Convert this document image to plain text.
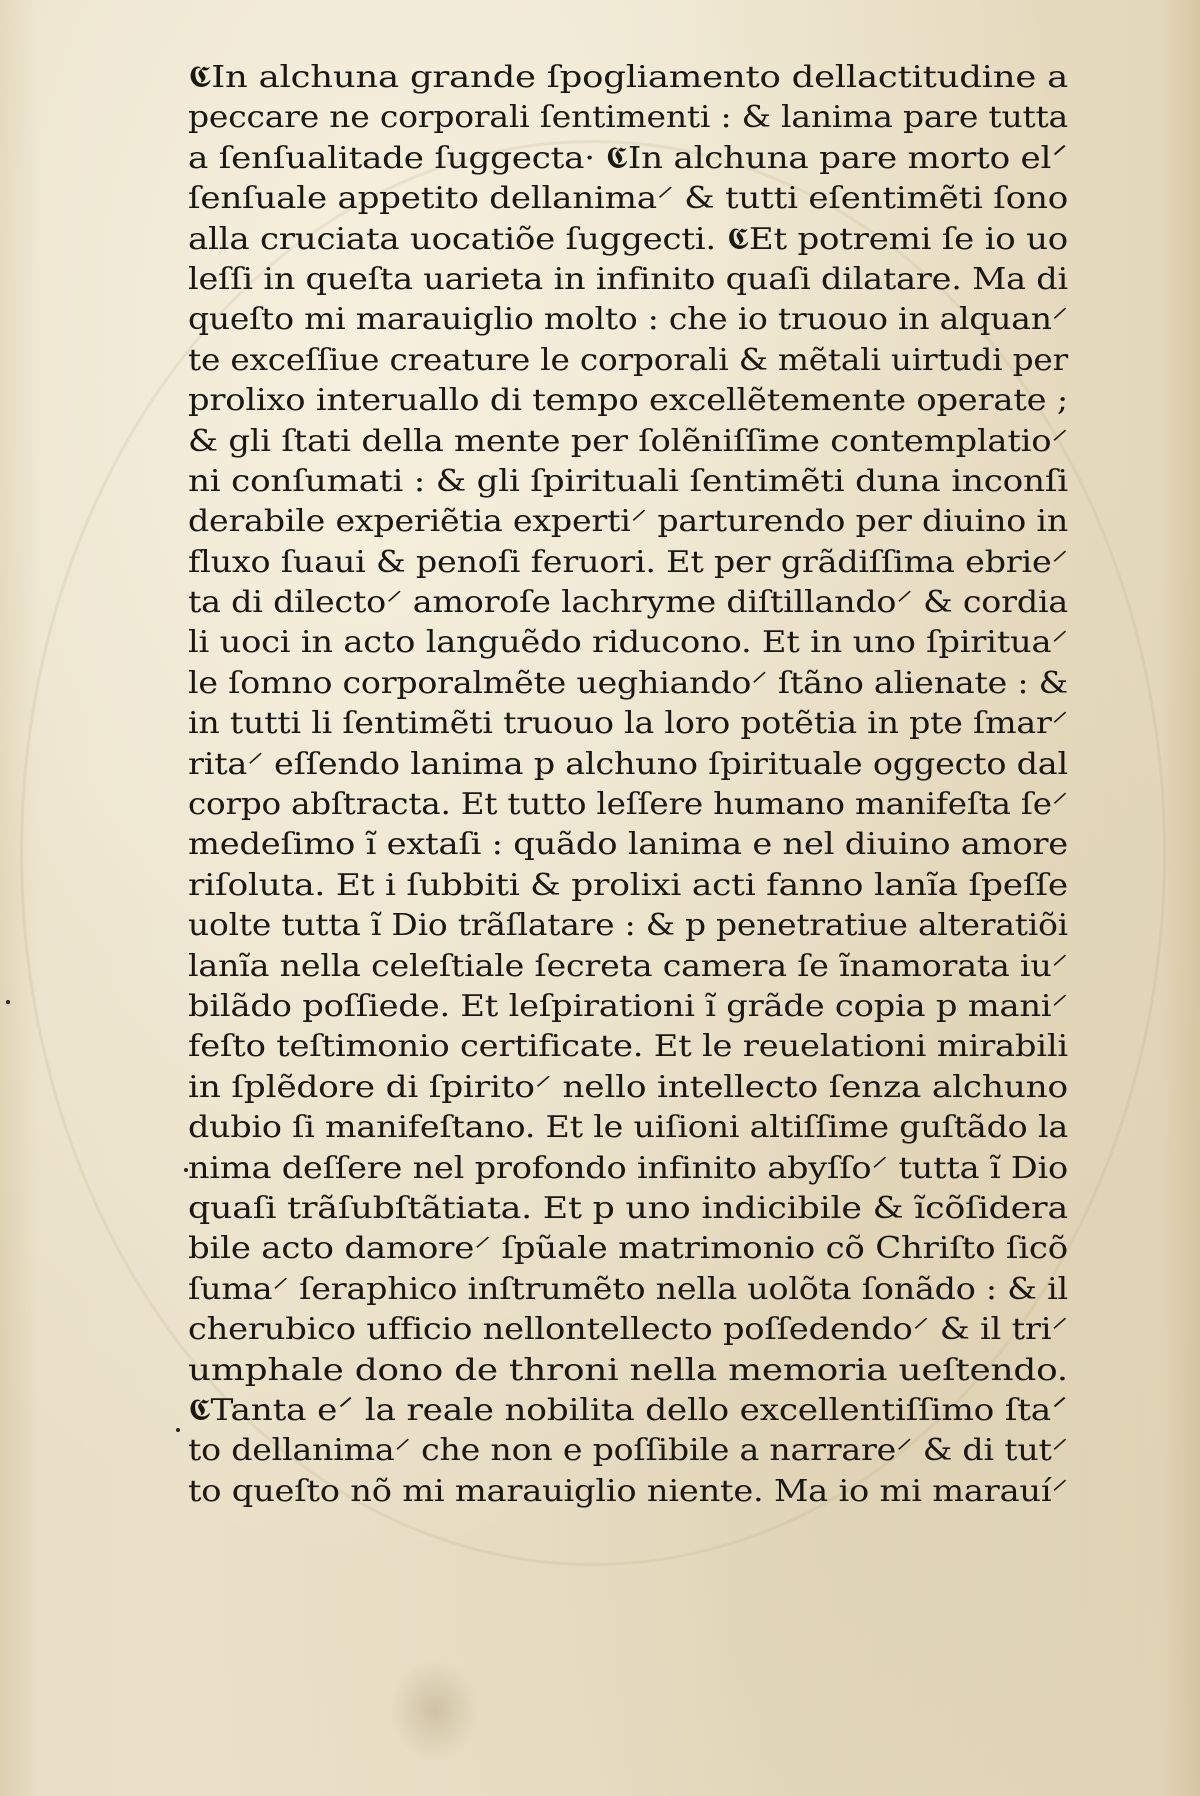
𝕮In alchuna grande ſpogliamento dellactitudine a
peccare ne corporali ſentimenti : & lanima pare tutta
a ſenſualitade ſuggecta· 𝕮In alchuna pare morto el⸍
ſenſuale appetito dellanima⸍ & tutti eſentimẽti ſono
alla cruciata uocatiõe ſuggecti. 𝕮Et potremi ſe io uo
leſſi in queſta uarieta in infinito quaſi dilatare. Ma di
queſto mi marauiglio molto : che io truouo in alquan⸍
te exceſſiue creature le corporali & mẽtali uirtudi per
prolixo interuallo di tempo excellẽtemente operate ;
& gli ſtati della mente per ſolẽniſſime contemplatio⸍
ni conſumati : & gli ſpirituali ſentimẽti duna inconſi
derabile experiẽtia experti⸍ parturendo per diuino in
fluxo ſuaui & penoſi feruori. Et per grãdiſſima ebrie⸍
ta di dilecto⸍ amoroſe lachryme diſtillando⸍ & cordia
li uoci in acto languẽdo riducono. Et in uno ſpiritua⸍
le ſomno corporalmẽte ueghiando⸍ ſtãno alienate : &
in tutti li ſentimẽti truouo la loro potẽtia in pte ſmar⸍
rita⸍ eſſendo lanima p alchuno ſpirituale oggecto dal
corpo abſtracta. Et tutto leſſere humano manifeſta ſe⸍
medeſimo ĩ extaſi : quãdo lanima e nel diuino amore
riſoluta. Et i ſubbiti & prolixi acti fanno lanĩa ſpeſſe
uolte tutta ĩ Dio trãſlatare : & p penetratiue alteratiõi
lanĩa nella celeſtiale ſecreta camera ſe ĩnamorata iu⸍
bilãdo poſſiede. Et leſpirationi ĩ grãde copia p mani⸍
feſto teſtimonio certificate. Et le reuelationi mirabili
in ſplẽdore di ſpirito⸍ nello intellecto ſenza alchuno
dubio ſi manifeſtano. Et le uiſioni altiſſime guſtãdo la
nima deſſere nel profondo infinito abyſſo⸍ tutta ĩ Dio
quaſi trãſubſtãtiata. Et p uno indicibile & ĩcõſidera
bile acto damore⸍ ſpũale matrimonio cõ Chriſto ſicõ
ſuma⸍ ſeraphico inſtrumẽto nella uolõta ſonãdo : & il
cherubico ufficio nellontellecto poſſedendo⸍ & il tri⸍
umphale dono de throni nella memoria ueſtendo.
𝕮Tanta e⸍ la reale nobilita dello excellentiſſimo ſta⸍
to dellanima⸍ che non e poſſibile a narrare⸍ & di tut⸍
to queſto nõ mi marauiglio niente. Ma io mi marauí⸍
